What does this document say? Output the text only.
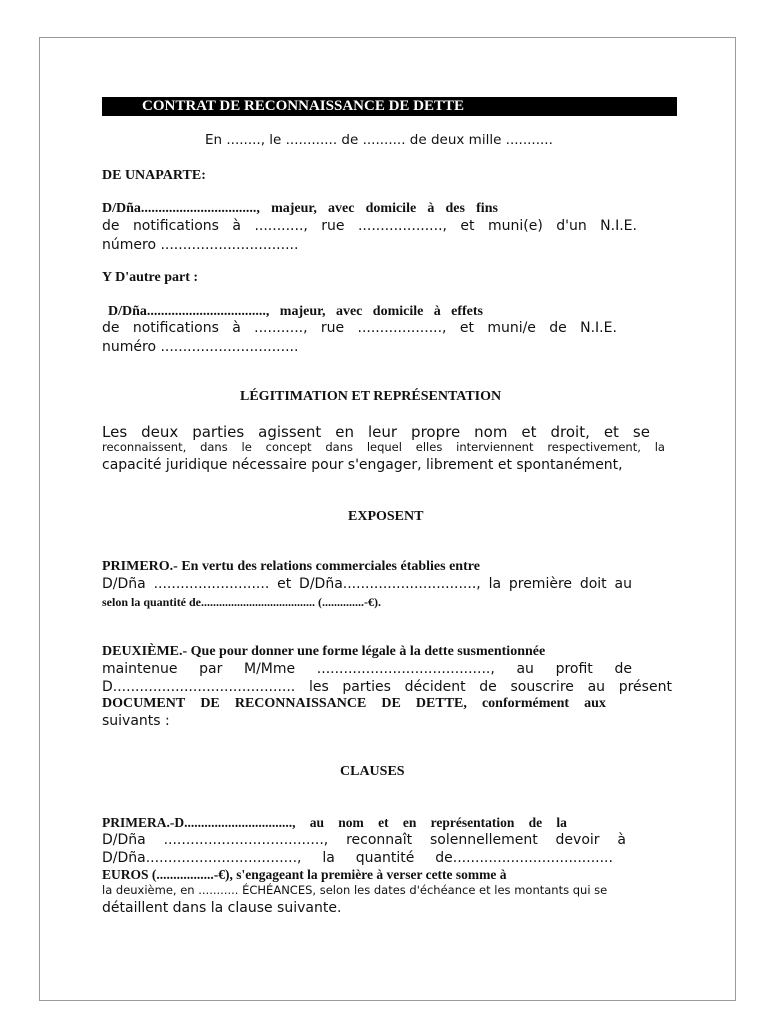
CONTRAT DE RECONNAISSANCE DE DETTE
En ........, le ............ de .......... de deux mille ...........
DE UNAPARTE:
D/Dña................................., majeur, avec domicile à des fins
de notifications à ..........., rue ..................., et muni(e) d'un N.I.E.
número ...............................
Y D'autre part :
D/Dña.................................., majeur, avec domicile à effets
de notifications à ..........., rue ..................., et muni/e de N.I.E.
numéro ...............................
LÉGITIMATION ET REPRÉSENTATION
Les deux parties agissent en leur propre nom et droit, et se
reconnaissent, dans le concept dans lequel elles interviennent respectivement, la
capacité juridique nécessaire pour s'engager, librement et spontanément,
EXPOSENT
PRIMERO.- En vertu des relations commerciales établies entre
D/Dña .......................... et D/Dña.............................., la première doit au
selon la quantité de...................................... (..............-€).
DEUXIÈME.- Que pour donner une forme légale à la dette susmentionnée
maintenue par M/Mme ......................................., au profit de
D......................................... les parties décident de souscrire au présent
DOCUMENT DE RECONNAISSANCE DE DETTE, conformément aux
suivants :
CLAUSES
PRIMERA.-D................................, au nom et en représentation de la
D/Dña ...................................., reconnaît solennellement devoir à
D/Dña.................................., la quantité de....................................
EUROS (.................-€), s'engageant la première à verser cette somme à
la deuxième, en ........... ÉCHÉANCES, selon les dates d'échéance et les montants qui se
détaillent dans la clause suivante.
